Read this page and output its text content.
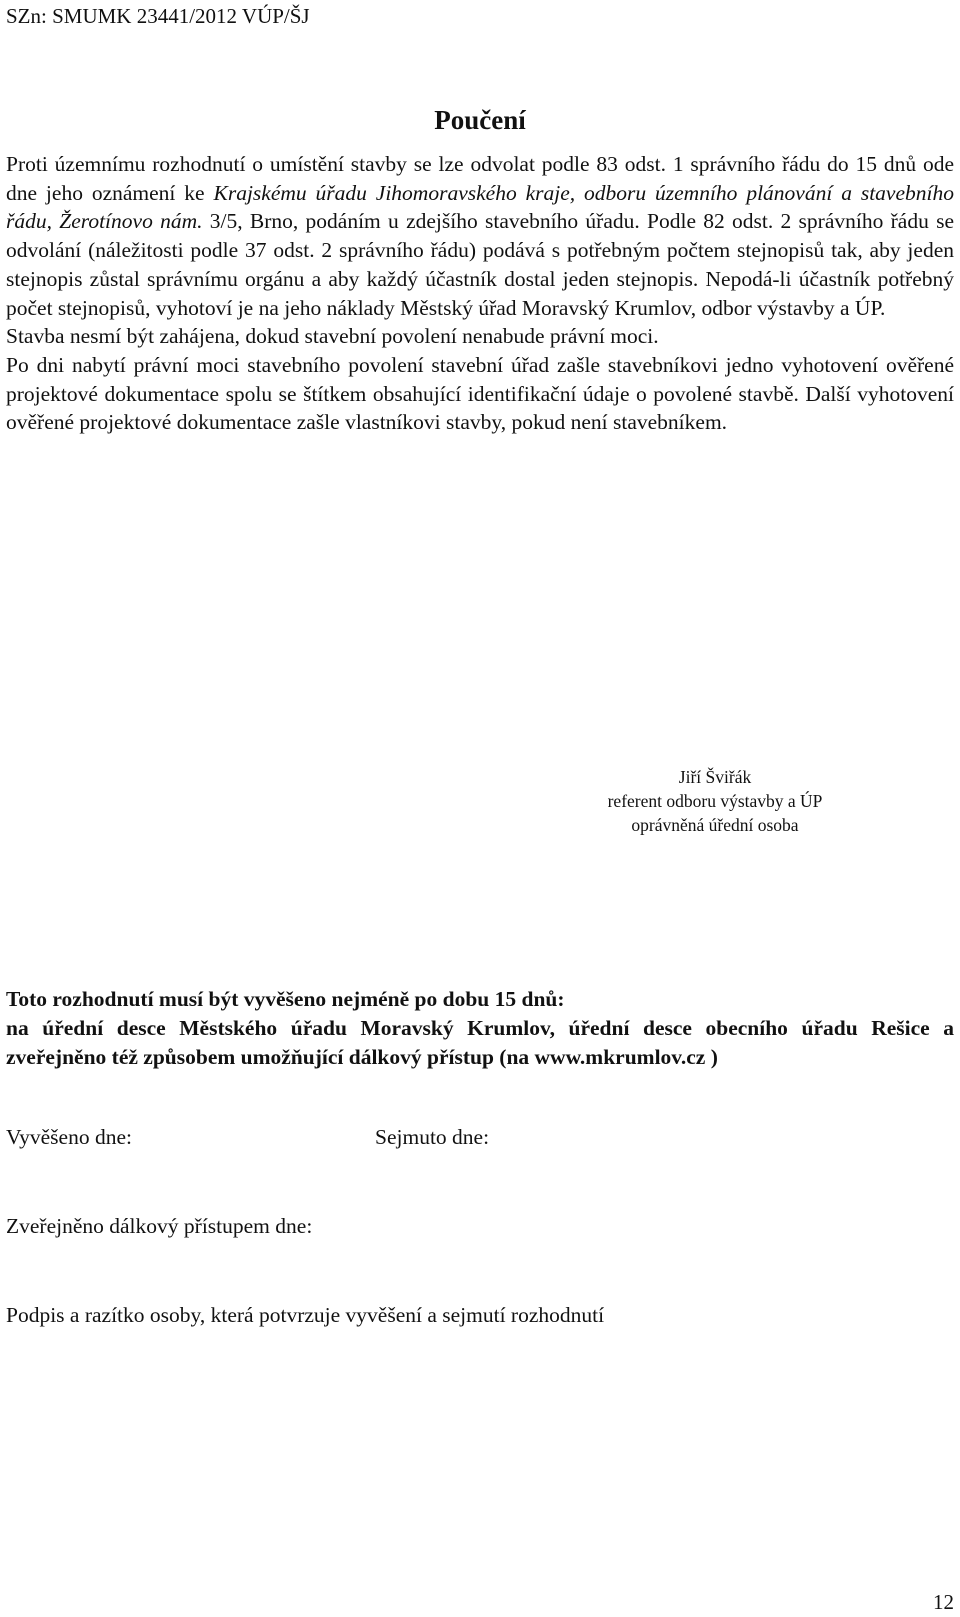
SZn: SMUMK 23441/2012 VÚP/ŠJ
Poučení

Proti územnímu rozhodnutí o umístění stavby se lze odvolat podle 83 odst. 1 správního řádu do 15 dnů ode dne jeho oznámení ke Krajskému úřadu Jihomoravského kraje, odboru územního plánování a stavebního řádu, Žerotínovo nám. 3/5, Brno, podáním u zdejšího stavebního úřadu. Podle 82 odst. 2 správního řádu se odvolání (náležitosti podle 37 odst. 2 správního řádu) podává s potřebným počtem stejnopisů tak, aby jeden stejnopis zůstal správnímu orgánu a aby každý účastník dostal jeden stejnopis. Nepodá-li účastník potřebný počet stejnopisů, vyhotoví je na jeho náklady Městský úřad Moravský Krumlov, odbor výstavby a ÚP.

Stavba nesmí být zahájena, dokud stavební povolení nenabude právní moci.

Po dni nabytí právní moci stavebního povolení stavební úřad zašle stavebníkovi jedno vyhotovení ověřené projektové dokumentace spolu se štítkem obsahující identifikační údaje o povolené stavbě. Další vyhotovení ověřené projektové dokumentace zašle vlastníkovi stavby, pokud není stavebníkem.

Jiří Šviřák
referent odboru výstavby a ÚP
oprávněná úřední osoba

Toto rozhodnutí musí být vyvěšeno nejméně po dobu 15 dnů:

na úřední desce Městského úřadu Moravský Krumlov, úřední desce obecního úřadu Rešice a zveřejněno též způsobem umožňující dálkový přístup (na www.mkrumlov.cz )

Vyvěšeno dne:	Sejmuto dne:
Zveřejněno dálkový přístupem dne:
Podpis a razítko osoby, která potvrzuje vyvěšení a sejmutí rozhodnutí
12
